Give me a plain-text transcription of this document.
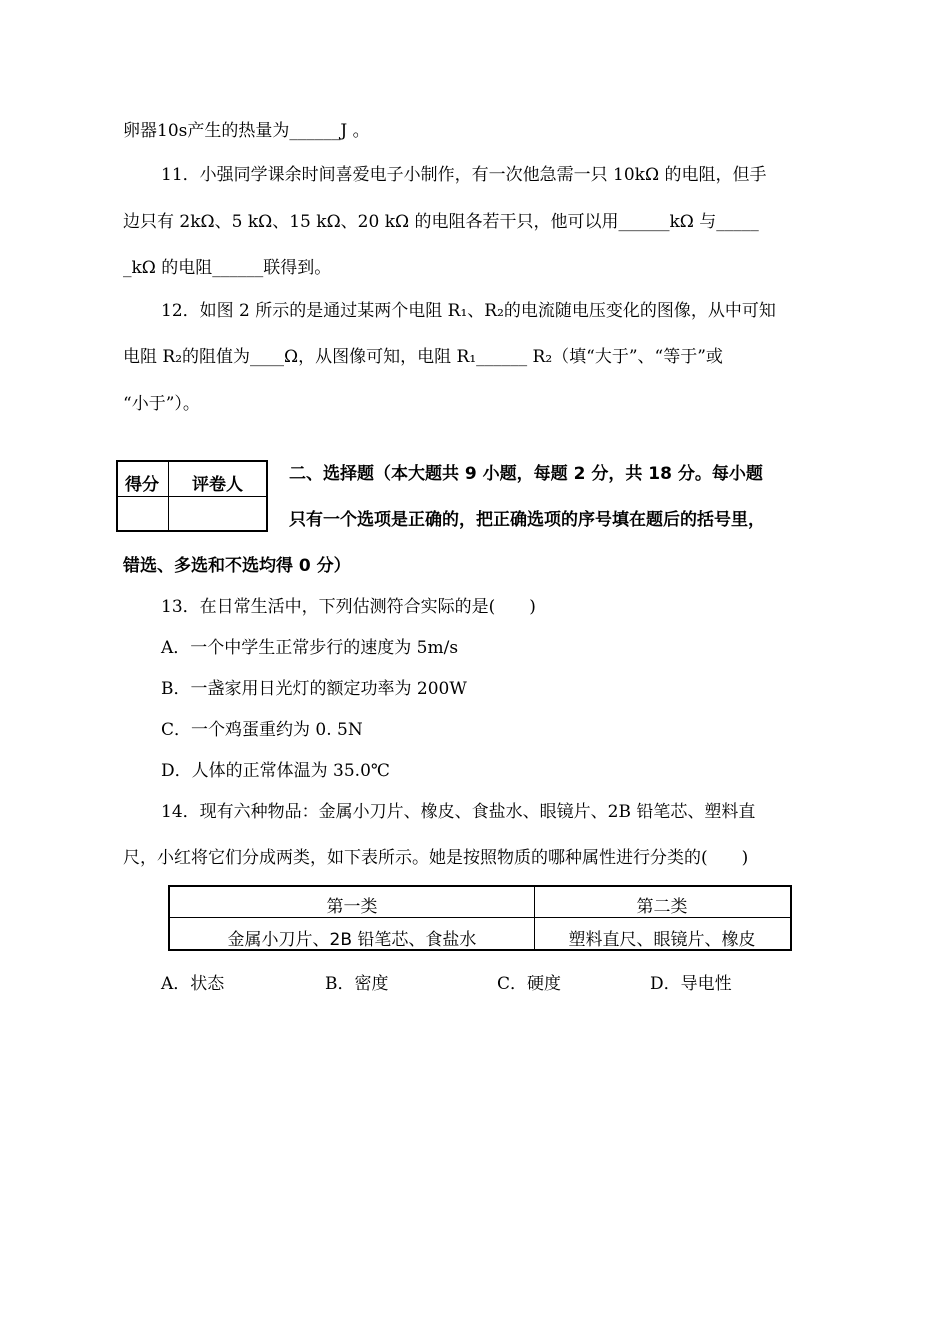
卵器10s产生的热量为______J 。
11．小强同学课余时间喜爱电子小制作，有一次他急需一只 10kΩ 的电阻，但手
边只有 2kΩ、5 kΩ、15 kΩ、20 kΩ 的电阻各若干只，他可以用______kΩ 与_____
_kΩ 的电阻______联得到。
12．如图 2 所示的是通过某两个电阻 R₁、R₂的电流随电压变化的图像，从中可知
电阻 R₂的阻值为____Ω，从图像可知，电阻 R₁______ R₂（填“大于”、“等于”或
“小于”）。
得分 评卷人
二、选择题（本大题共 9 小题，每题 2 分，共 18 分。每小题
只有一个选项是正确的，把正确选项的序号填在题后的括号里，
错选、多选和不选均得 0 分）
13．在日常生活中，下列估测符合实际的是(　　)
A．一个中学生正常步行的速度为 5m/s
B．一盏家用日光灯的额定功率为 200W
C．一个鸡蛋重约为 0. 5N
D．人体的正常体温为 35.0℃
14．现有六种物品：金属小刀片、橡皮、食盐水、眼镜片、2B 铅笔芯、塑料直
尺，小红将它们分成两类，如下表所示。她是按照物质的哪种属性进行分类的(　　)
第一类	第二类
金属小刀片、2B 铅笔芯、食盐水	塑料直尺、眼镜片、橡皮
A．状态	B．密度	C．硬度	D．导电性
